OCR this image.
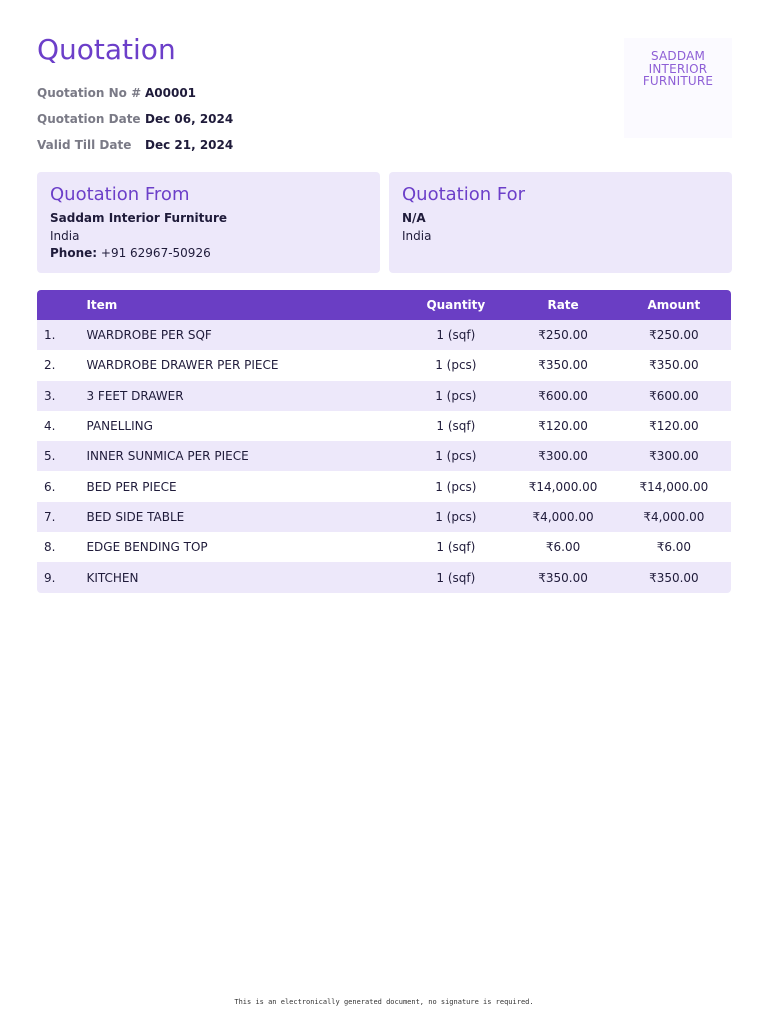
Quotation
Quotation No # A00001
Quotation Date Dec 06, 2024
Valid Till Date	Dec 21, 2024
SADDAM
INTERIOR
FURNITURE
Quotation From
Saddam Interior Furniture
India
Phone: +91 62967-50926
Quotation For
N/A
India
	Item	Quantity	Rate	Amount
1.	WARDROBE PER SQF	1 (sqf)	₹250.00	₹250.00
2.	WARDROBE DRAWER PER PIECE	1 (pcs)	₹350.00	₹350.00
3.	3 FEET DRAWER	1 (pcs)	₹600.00	₹600.00
4.	PANELLING	1 (sqf)	₹120.00	₹120.00
5.	INNER SUNMICA PER PIECE	1 (pcs)	₹300.00	₹300.00
6.	BED PER PIECE	1 (pcs)	₹14,000.00	₹14,000.00
7.	BED SIDE TABLE	1 (pcs)	₹4,000.00	₹4,000.00
8.	EDGE BENDING TOP	1 (sqf)	₹6.00	₹6.00
9.	KITCHEN	1 (sqf)	₹350.00	₹350.00
This is an electronically generated document, no signature is required.
